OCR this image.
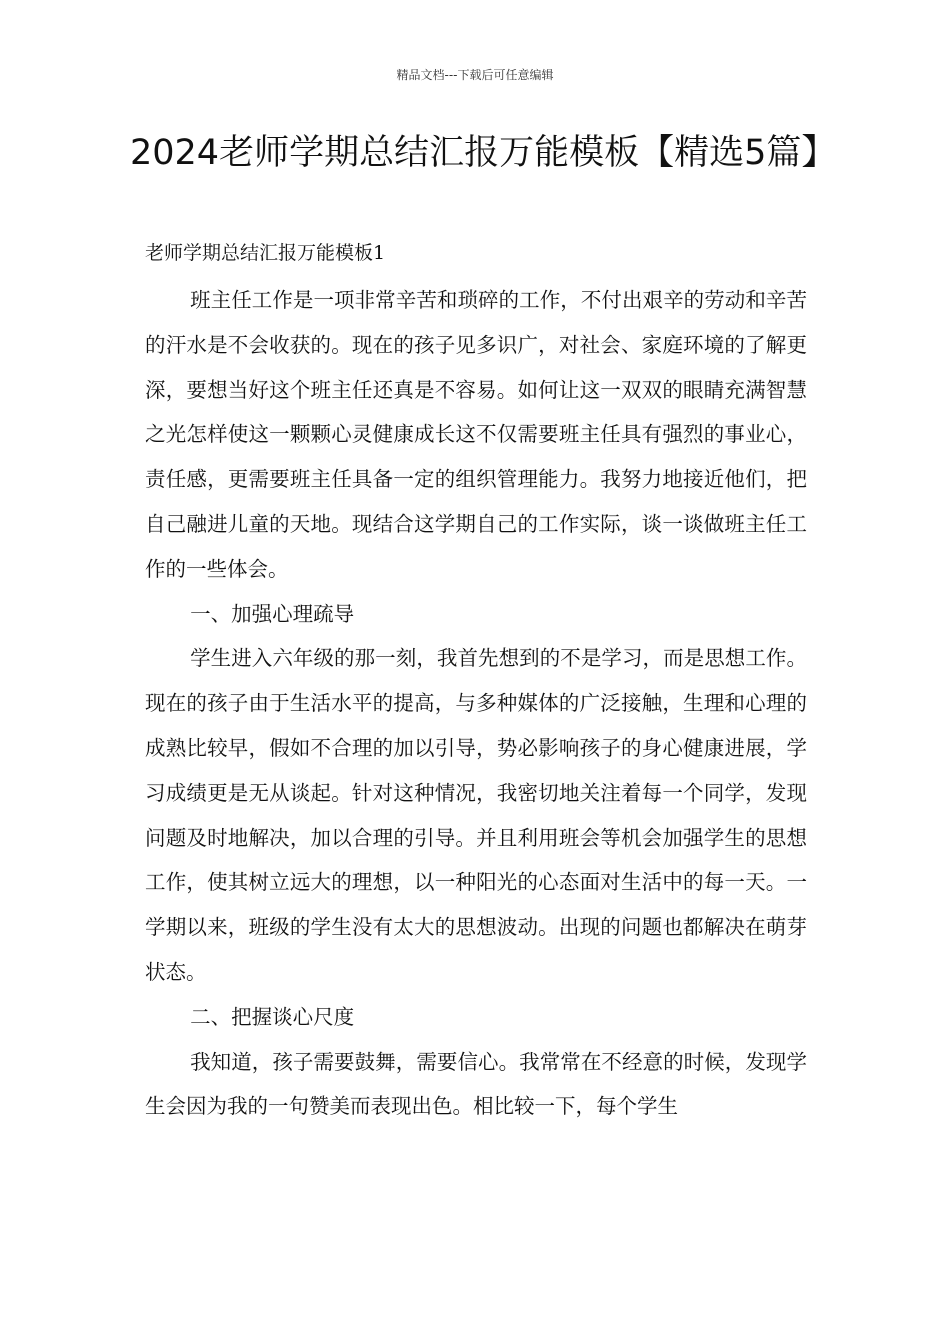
精品文档---下载后可任意编辑
2024老师学期总结汇报万能模板【精选5篇】

老师学期总结汇报万能模板1

班主任工作是一项非常辛苦和琐碎的工作，不付出艰辛的劳动和辛苦的汗水是不会收获的。现在的孩子见多识广，对社会、家庭环境的了解更深，要想当好这个班主任还真是不容易。如何让这一双双的眼睛充满智慧之光怎样使这一颗颗心灵健康成长这不仅需要班主任具有强烈的事业心，责任感，更需要班主任具备一定的组织管理能力。我努力地接近他们，把自己融进儿童的天地。现结合这学期自己的工作实际，谈一谈做班主任工作的一些体会。

一、加强心理疏导

学生进入六年级的那一刻，我首先想到的不是学习，而是思想工作。现在的孩子由于生活水平的提高，与多种媒体的广泛接触，生理和心理的成熟比较早，假如不合理的加以引导，势必影响孩子的身心健康进展，学习成绩更是无从谈起。针对这种情况，我密切地关注着每一个同学，发现问题及时地解决，加以合理的引导。并且利用班会等机会加强学生的思想工作，使其树立远大的理想，以一种阳光的心态面对生活中的每一天。一学期以来，班级的学生没有太大的思想波动。出现的问题也都解决在萌芽状态。

二、把握谈心尺度

我知道，孩子需要鼓舞，需要信心。我常常在不经意的时候，发现学生会因为我的一句赞美而表现出色。相比较一下，每个学生
